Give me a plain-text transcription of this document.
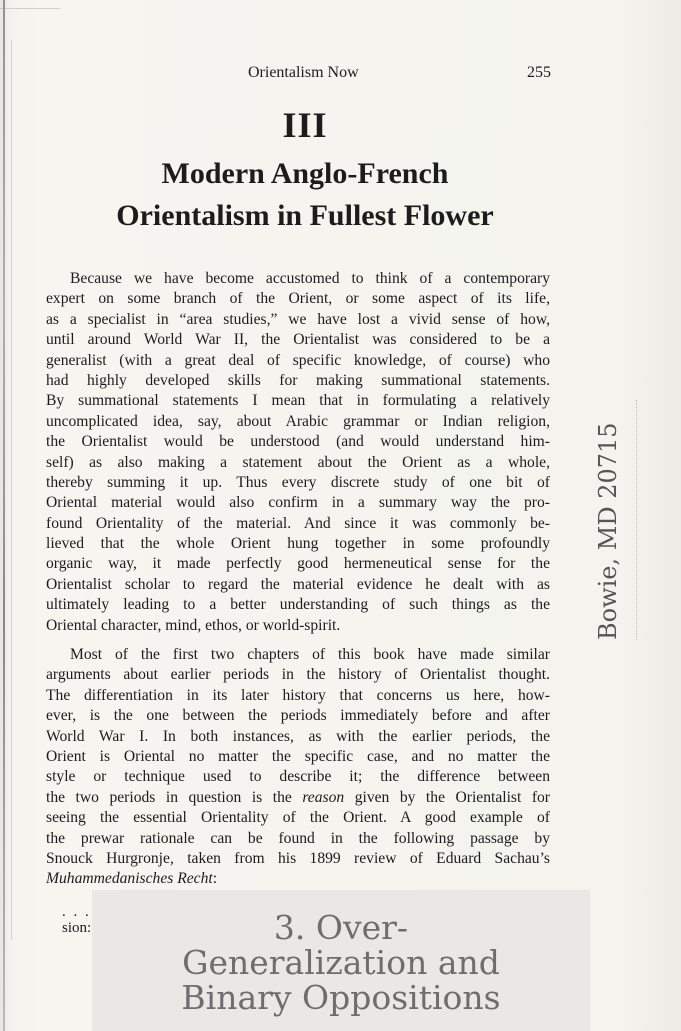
Orientalism Now	255
III
Modern Anglo-French
Orientalism in Fullest Flower
Because we have become accustomed to think of a contemporary
expert on some branch of the Orient, or some aspect of its life,
as a specialist in “area studies,” we have lost a vivid sense of how,
until around World War II, the Orientalist was considered to be a
generalist (with a great deal of specific knowledge, of course) who
had highly developed skills for making summational statements.
By summational statements I mean that in formulating a relatively
uncomplicated idea, say, about Arabic grammar or Indian religion,
the Orientalist would be understood (and would understand him-
self) as also making a statement about the Orient as a whole,
thereby summing it up. Thus every discrete study of one bit of
Oriental material would also confirm in a summary way the pro-
found Orientality of the material. And since it was commonly be-
lieved that the whole Orient hung together in some profoundly
organic way, it made perfectly good hermeneutical sense for the
Orientalist scholar to regard the material evidence he dealt with as
ultimately leading to a better understanding of such things as the
Oriental character, mind, ethos, or world-spirit.
Most of the first two chapters of this book have made similar
arguments about earlier periods in the history of Orientalist thought.
The differentiation in its later history that concerns us here, how-
ever, is the one between the periods immediately before and after
World War I. In both instances, as with the earlier periods, the
Orient is Oriental no matter the specific case, and no matter the
style or technique used to describe it; the difference between
the two periods in question is the reason given by the Orientalist for
seeing the essential Orientality of the Orient. A good example of
the prewar rationale can be found in the following passage by
Snouck Hurgronje, taken from his 1899 review of Eduard Sachau’s
Muhammedanisches Recht:
. . .
sion:
Bowie, MD 20715
3. Over-
Generalization and
Binary Oppositions
